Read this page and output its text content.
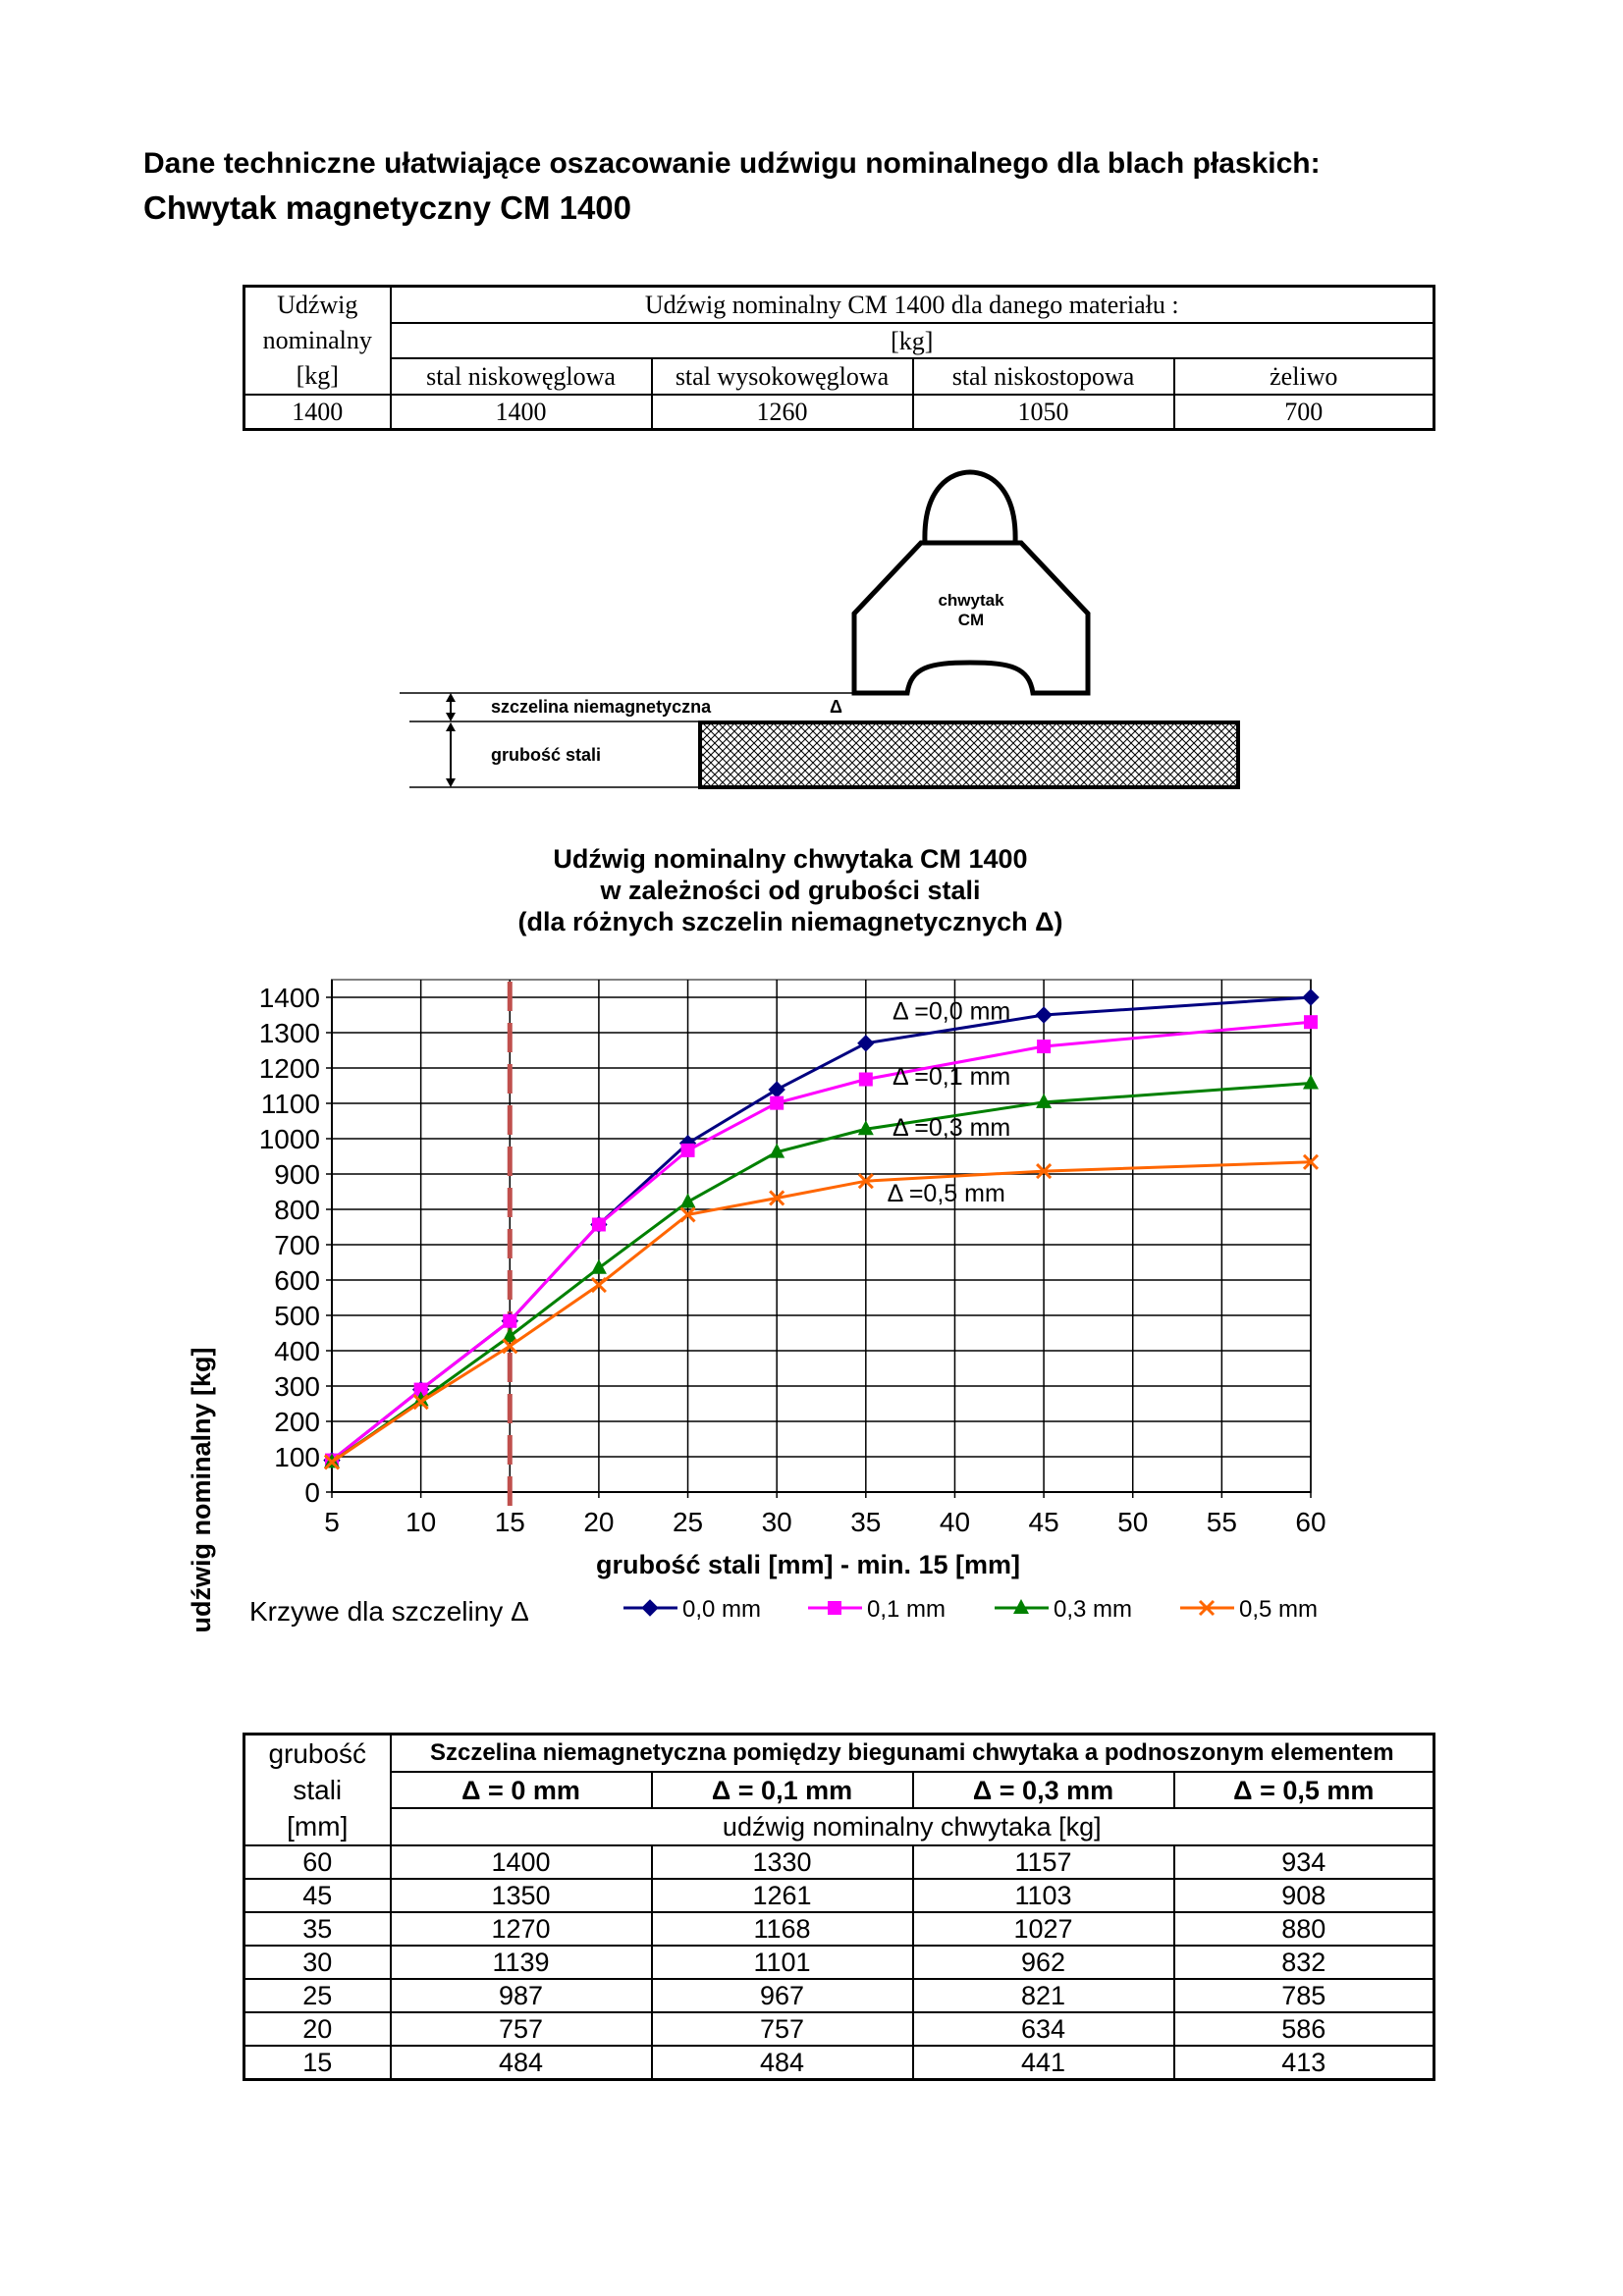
Dane techniczne ułatwiające oszacowanie udźwigu nominalnego dla blach płaskich:
Chwytak magnetyczny CM 1400
Udźwig
nominalny
[kg]	Udźwig nominalny CM 1400 dla danego materiału :			
	[kg]			
	stal niskowęglowa	stal wysokowęglowa	stal niskostopowa	żeliwo
1400	1400	1260	1050	700
chwytak
CM
szczelina niemagnetyczna	Δ
grubość stali
Udźwig nominalny chwytaka CM 1400
w zależności od grubości stali
(dla różnych szczelin niemagnetycznych Δ)
0
100
200
300
400
500
600
700
800
900
1000
1100
1200
1300
1400
5 10 15 20 25 30 35 40 45 50 55 60
Δ =0,0 mm
Δ =0,1 mm
Δ =0,3 mm
Δ =0,5 mm
grubość stali [mm] - min. 15 [mm]
udźwig nominalny [kg] Krzywe dla szczeliny Δ	0,0 mm	0,1 mm	0,3 mm	0,5 mm
grubość
stali
[mm]	Szczelina niemagnetyczna pomiędzy biegunami chwytaka a podnoszonym elementem			
	Δ = 0 mm	Δ = 0,1 mm	Δ = 0,3 mm	Δ = 0,5 mm
	udźwig nominalny chwytaka [kg]			
60	1400	1330	1157	934
45	1350	1261	1103	908
35	1270	1168	1027	880
30	1139	1101	962	832
25	987	967	821	785
20	757	757	634	586
15	484	484	441	413
